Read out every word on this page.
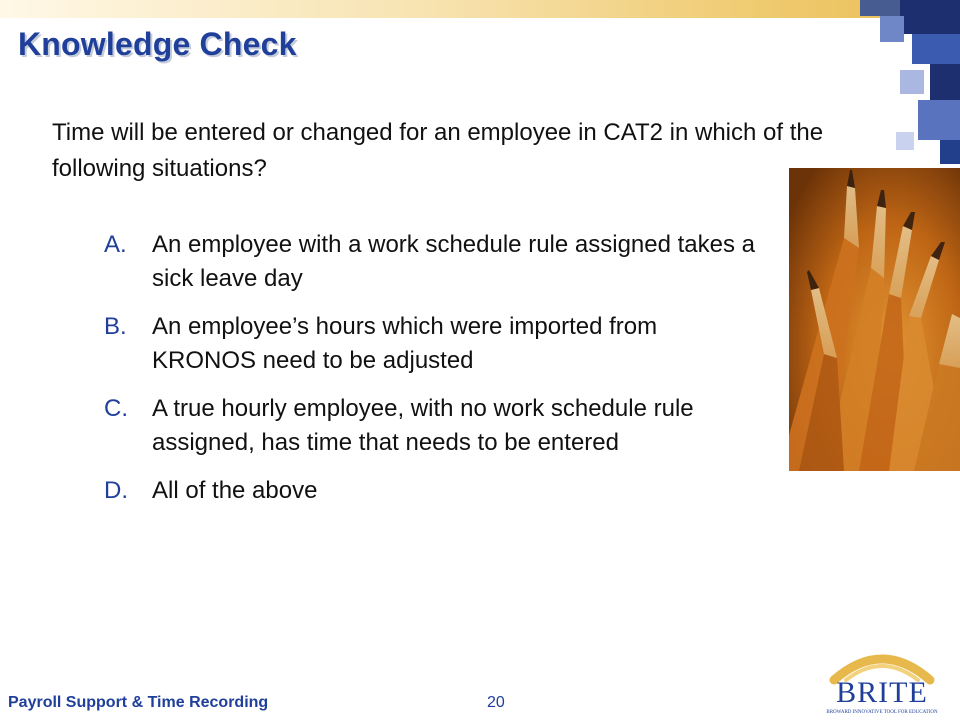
Knowledge Check

Time will be entered or changed for an employee in CAT2 in which of the following situations?

A.	An employee with a work schedule rule assigned takes a sick leave day
B.	An employee’s hours which were imported from KRONOS need to be adjusted
C.	A true hourly employee, with no work schedule rule assigned, has time that needs to be entered
D.	All of the above
Payroll Support & Time Recording	20	BRITE
BROWARD INNOVATIVE TOOL FOR EDUCATION
